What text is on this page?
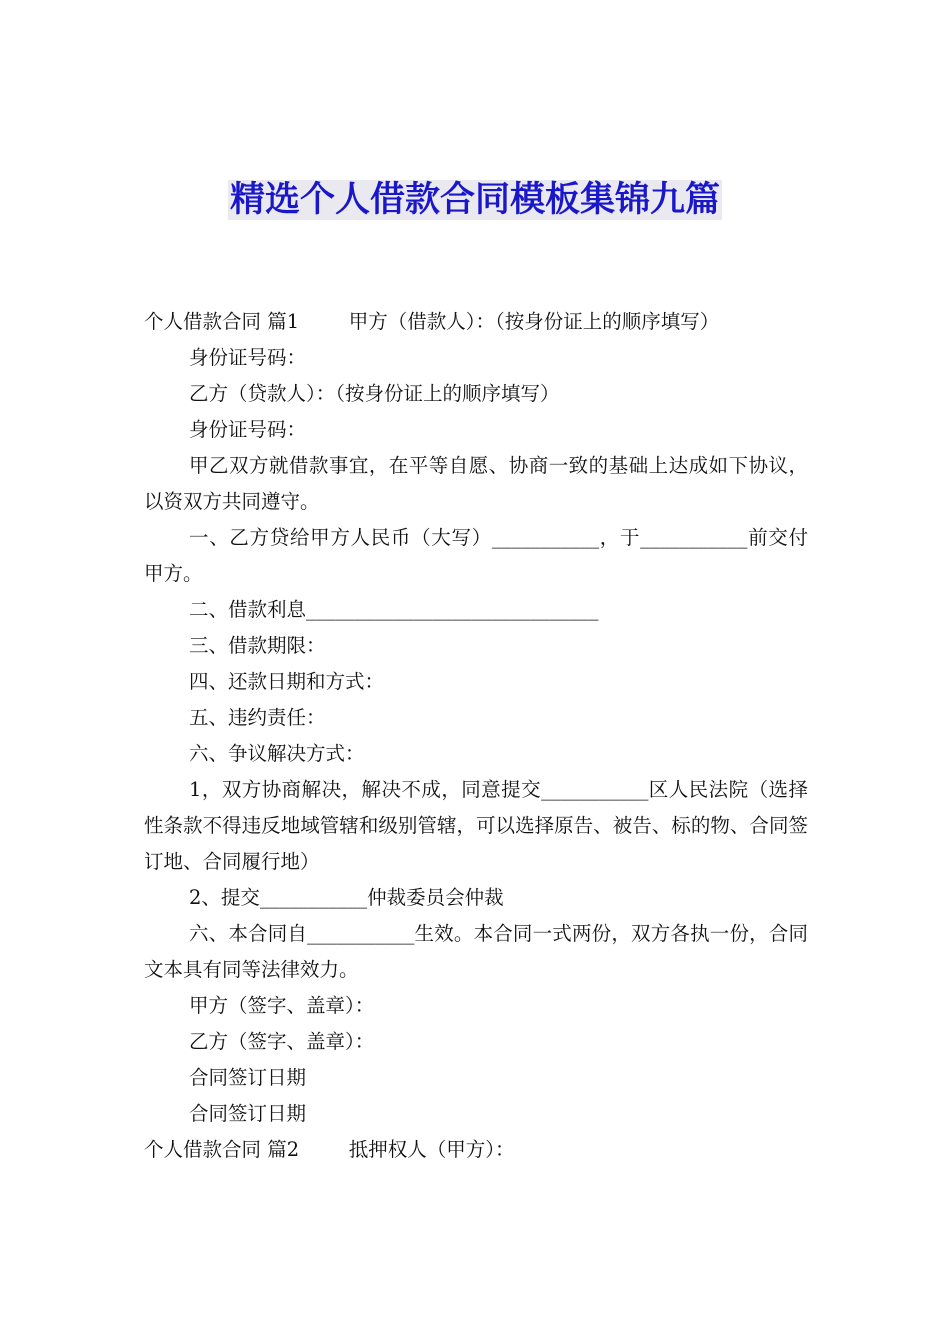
精选个人借款合同模板集锦九篇

个人借款合同 篇1        甲方（借款人）：（按身份证上的顺序填写）

身份证号码：

乙方（贷款人）：（按身份证上的顺序填写）

身份证号码：

甲乙双方就借款事宜，在平等自愿、协商一致的基础上达成如下协议，以资双方共同遵守。

一、乙方贷给甲方人民币（大写）___________，于___________前交付甲方。

二、借款利息______________________________

三、借款期限：

四、还款日期和方式：

五、违约责任：

六、争议解决方式：

1，双方协商解决，解决不成，同意提交___________区人民法院（选择性条款不得违反地域管辖和级别管辖，可以选择原告、被告、标的物、合同签订地、合同履行地）

2、提交___________仲裁委员会仲裁

六、本合同自___________生效。本合同一式两份，双方各执一份，合同文本具有同等法律效力。

甲方（签字、盖章）：

乙方（签字、盖章）：

合同签订日期

合同签订日期

个人借款合同 篇2        抵押权人（甲方）：
